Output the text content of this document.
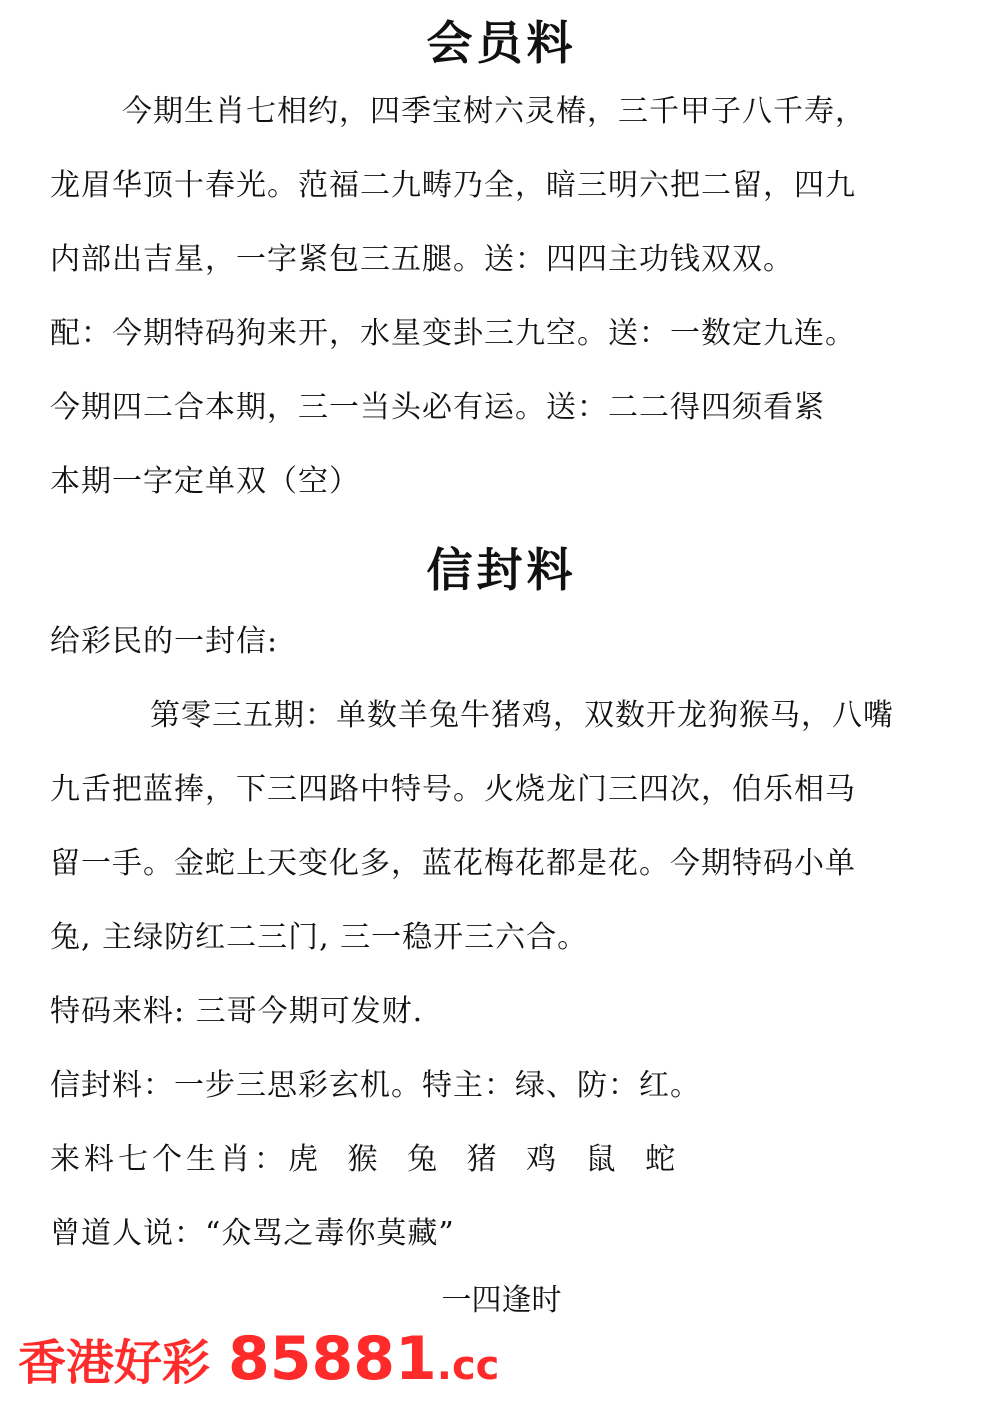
会员料
今期生肖七相约，四季宝树六灵椿，三千甲子八千寿，
龙眉华顶十春光。范福二九畴乃全，暗三明六把二留，四九
内部出吉星，一字紧包三五腿。送：四四主功钱双双。
配：今期特码狗来开，水星变卦三九空。送：一数定九连。
今期四二合本期，三一当头必有运。送：二二得四须看紧
本期一字定单双（空）
信封料
给彩民的一封信:
第零三五期：单数羊兔牛猪鸡，双数开龙狗猴马，八嘴
九舌把蓝捧，下三四路中特号。火烧龙门三四次，伯乐相马
留一手。金蛇上天变化多，蓝花梅花都是花。今期特码小单
兔, 主绿防红二三门, 三一稳开三六合。
特码来料: 三哥今期可发财.
信封料：一步三思彩玄机。特主：绿、防：红。
来料七个生肖：虎 猴 兔 猪 鸡 鼠 蛇
曾道人说：“众骂之毒你莫藏”
一四逢时
香港好彩 85881 .cc
